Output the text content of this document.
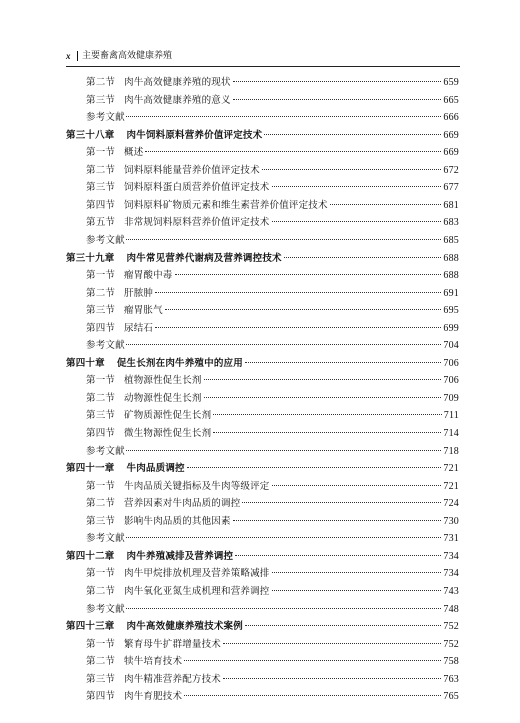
x 主要畜禽高效健康养殖
第二节 肉牛高效健康养殖的现状	659
第三节 肉牛高效健康养殖的意义	665
参考文献	666
第三十八章 肉牛饲料原料营养价值评定技术	669
第一节 概述	669
第二节 饲料原料能量营养价值评定技术	672
第三节 饲料原料蛋白质营养价值评定技术	677
第四节 饲料原料矿物质元素和维生素营养价值评定技术	681
第五节 非常规饲料原料营养价值评定技术	683
参考文献	685
第三十九章 肉牛常见营养代谢病及营养调控技术	688
第一节 瘤胃酸中毒	688
第二节 肝脓肿	691
第三节 瘤胃胀气	695
第四节 尿结石	699
参考文献	704
第四十章 促生长剂在肉牛养殖中的应用	706
第一节 植物源性促生长剂	706
第二节 动物源性促生长剂	709
第三节 矿物质源性促生长剂	711
第四节 微生物源性促生长剂	714
参考文献	718
第四十一章 牛肉品质调控	721
第一节 牛肉品质关键指标及牛肉等级评定	721
第二节 营养因素对牛肉品质的调控	724
第三节 影响牛肉品质的其他因素	730
参考文献	731
第四十二章 肉牛养殖减排及营养调控	734
第一节 肉牛甲烷排放机理及营养策略减排	734
第二节 肉牛氧化亚氮生成机理和营养调控	743
参考文献	748
第四十三章 肉牛高效健康养殖技术案例	752
第一节 繁育母牛扩群增量技术	752
第二节 犊牛培育技术	758
第三节 肉牛精准营养配方技术	763
第四节 肉牛育肥技术	765
